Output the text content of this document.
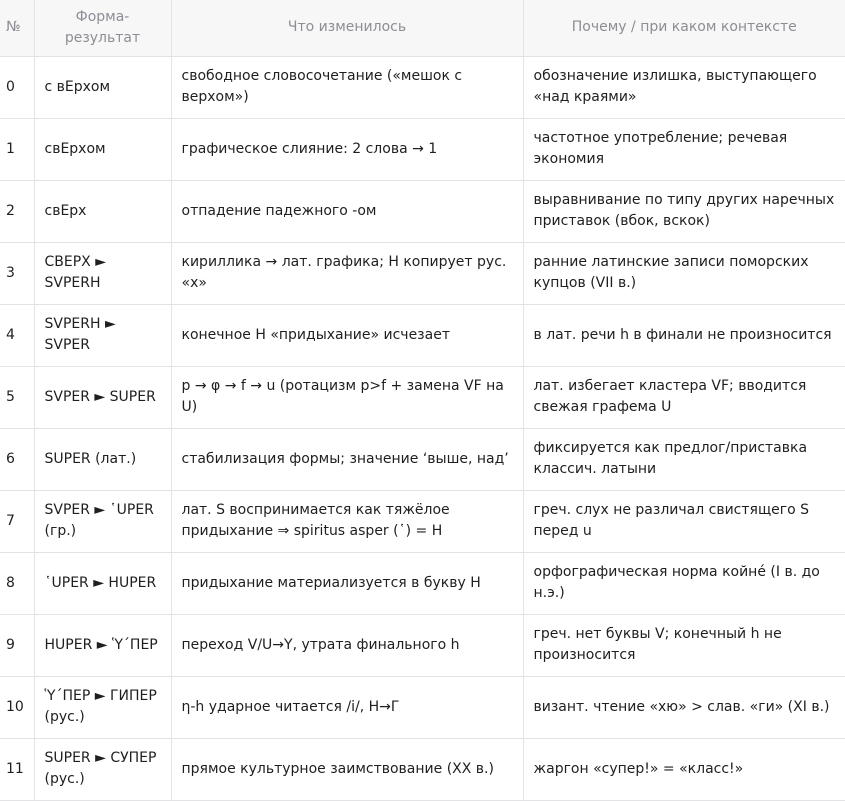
№	Форма-результат	Что изменилось	Почему / при каком контексте
0	с вЕрхом	свободное словосочетание («мешок с верхом»)	обозначение излишка, выступающего «над краями»
1	свЕрхом	графическое слияние: 2 слова → 1	частотное употребление; речевая экономия
2	свЕрх	отпадение падежного -ом	выравнивание по типу других наречных приставок (вбок, вскок)
3	СВЕРХ ► SVPERH	кириллика → лат. графика; H копирует рус. «х»	ранние латинские записи поморских купцов (VII в.)
4	SVPERH ► SVPER	конечное H «придыхание» исчезает	в лат. речи h в финали не произносится
5	SVPER ► SUPER	p → φ → f → u (ротацизм p>f + замена VF на U)	лат. избегает кластера VF; вводится свежая графема U
6	SUPER (лат.)	стабилизация формы; значение ‘выше, над’	фиксируется как предлог/приставка классич. латыни
7	SVPER ► ῾UPER (гр.)	лат. S воспринимается как тяжёлое придыхание ⇒ spiritus asper (῾) = H	греч. слух не различал свистящего S перед u
8	῾UPER ► HUPER	придыхание материализуется в букву H	орфографическая норма койне́ (I в. до н.э.)
9	HUPER ► Ὑ΄ΠΕΡ	переход V/U→Y, утрата финального h	греч. нет буквы V; конечный h не произносится
10	Ὑ΄ΠΕΡ ► ГИПЕР (рус.)	η-h ударное читается /i/, H→Г	визант. чтение «хю» > слав. «ги» (XI в.)
11	SUPER ► СУПЕР (рус.)	прямое культурное заимствование (XX в.)	жаргон «супер!» = «класс!»
